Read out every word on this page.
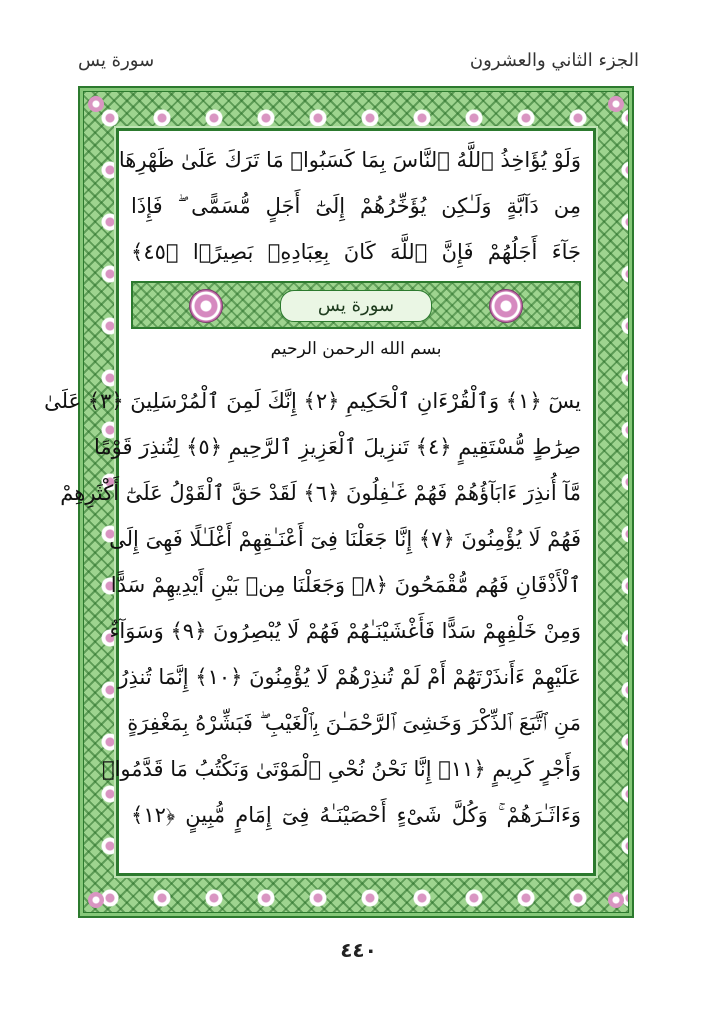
الجزء الثاني والعشرون
سورة يس
وَلَوْ يُؤَاخِذُ ٱللَّهُ ٱلنَّاسَ بِمَا كَسَبُوا۟ مَا تَرَكَ عَلَىٰ ظَهْرِهَا
مِن دَآبَّةٍ وَلَـٰكِن يُؤَخِّرُهُمْ إِلَىٰٓ أَجَلٍ مُّسَمًّى ۖ فَإِذَا
جَآءَ أَجَلُهُمْ فَإِنَّ ٱللَّهَ كَانَ بِعِبَادِهِۦ بَصِيرًۢا ﴿٤٥﴾
سورة يس
بسم الله الرحمن الرحيم
يسٓ ﴿١﴾ وَٱلْقُرْءَانِ ٱلْحَكِيمِ ﴿٢﴾ إِنَّكَ لَمِنَ ٱلْمُرْسَلِينَ ﴿٣﴾ عَلَىٰ
صِرَٰطٍ مُّسْتَقِيمٍ ﴿٤﴾ تَنزِيلَ ٱلْعَزِيزِ ٱلرَّحِيمِ ﴿٥﴾ لِتُنذِرَ قَوْمًا
مَّآ أُنذِرَ ءَابَآؤُهُمْ فَهُمْ غَـٰفِلُونَ ﴿٦﴾ لَقَدْ حَقَّ ٱلْقَوْلُ عَلَىٰٓ أَكْثَرِهِمْ
فَهُمْ لَا يُؤْمِنُونَ ﴿٧﴾ إِنَّا جَعَلْنَا فِىٓ أَعْنَـٰقِهِمْ أَغْلَـٰلًا فَهِىَ إِلَى
ٱلْأَذْقَانِ فَهُم مُّقْمَحُونَ ﴿٨﴾ وَجَعَلْنَا مِنۢ بَيْنِ أَيْدِيهِمْ سَدًّا
وَمِنْ خَلْفِهِمْ سَدًّا فَأَغْشَيْنَـٰهُمْ فَهُمْ لَا يُبْصِرُونَ ﴿٩﴾ وَسَوَآءٌ
عَلَيْهِمْ ءَأَنذَرْتَهُمْ أَمْ لَمْ تُنذِرْهُمْ لَا يُؤْمِنُونَ ﴿١٠﴾ إِنَّمَا تُنذِرُ
مَنِ ٱتَّبَعَ ٱلذِّكْرَ وَخَشِىَ ٱلرَّحْمَـٰنَ بِٱلْغَيْبِ ۖ فَبَشِّرْهُ بِمَغْفِرَةٍ
وَأَجْرٍ كَرِيمٍ ﴿١١﴾ إِنَّا نَحْنُ نُحْىِ ٱلْمَوْتَىٰ وَنَكْتُبُ مَا قَدَّمُوا۟
وَءَاثَـٰرَهُمْ ۚ وَكُلَّ شَىْءٍ أَحْصَيْنَـٰهُ فِىٓ إِمَامٍ مُّبِينٍ ﴿١٢﴾
٤٤٠
